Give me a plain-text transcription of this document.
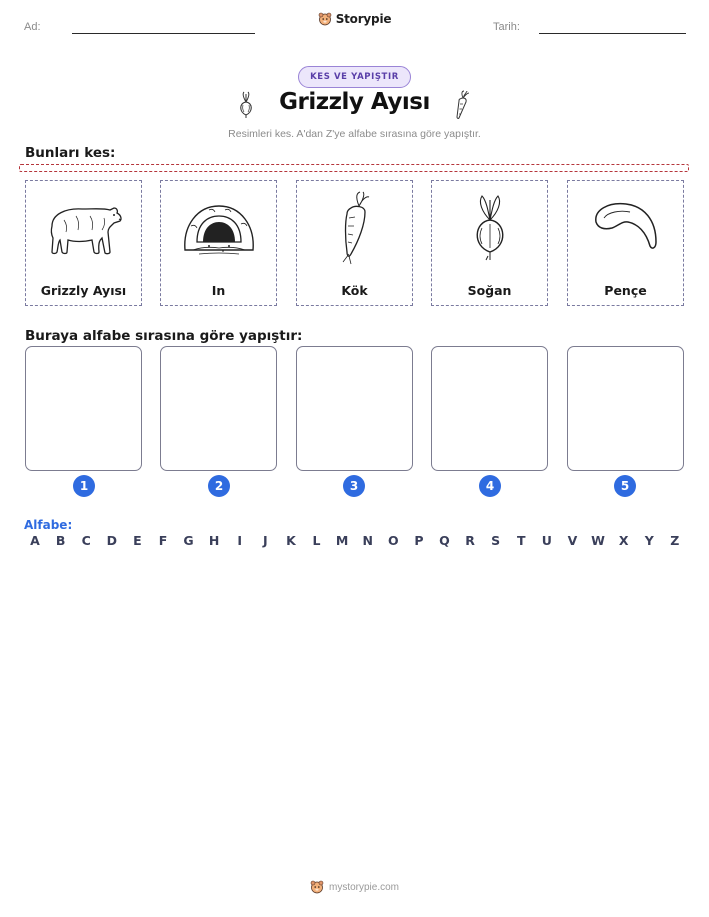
Ad:
Storypie
Tarih:
KES VE YAPIŞTIR
Grizzly Ayısı
Resimleri kes. A'dan Z'ye alfabe sırasına göre yapıştır.
Bunları kes:
Grizzly Ayısı	In	Kök	Soğan	Pençe
Buraya alfabe sırasına göre yapıştır:
1	2	3	4	5
Alfabe:
A B C D E F G H	I	J	K	L	M N O P Q R S T U V W X Y Z
mystorypie.com
